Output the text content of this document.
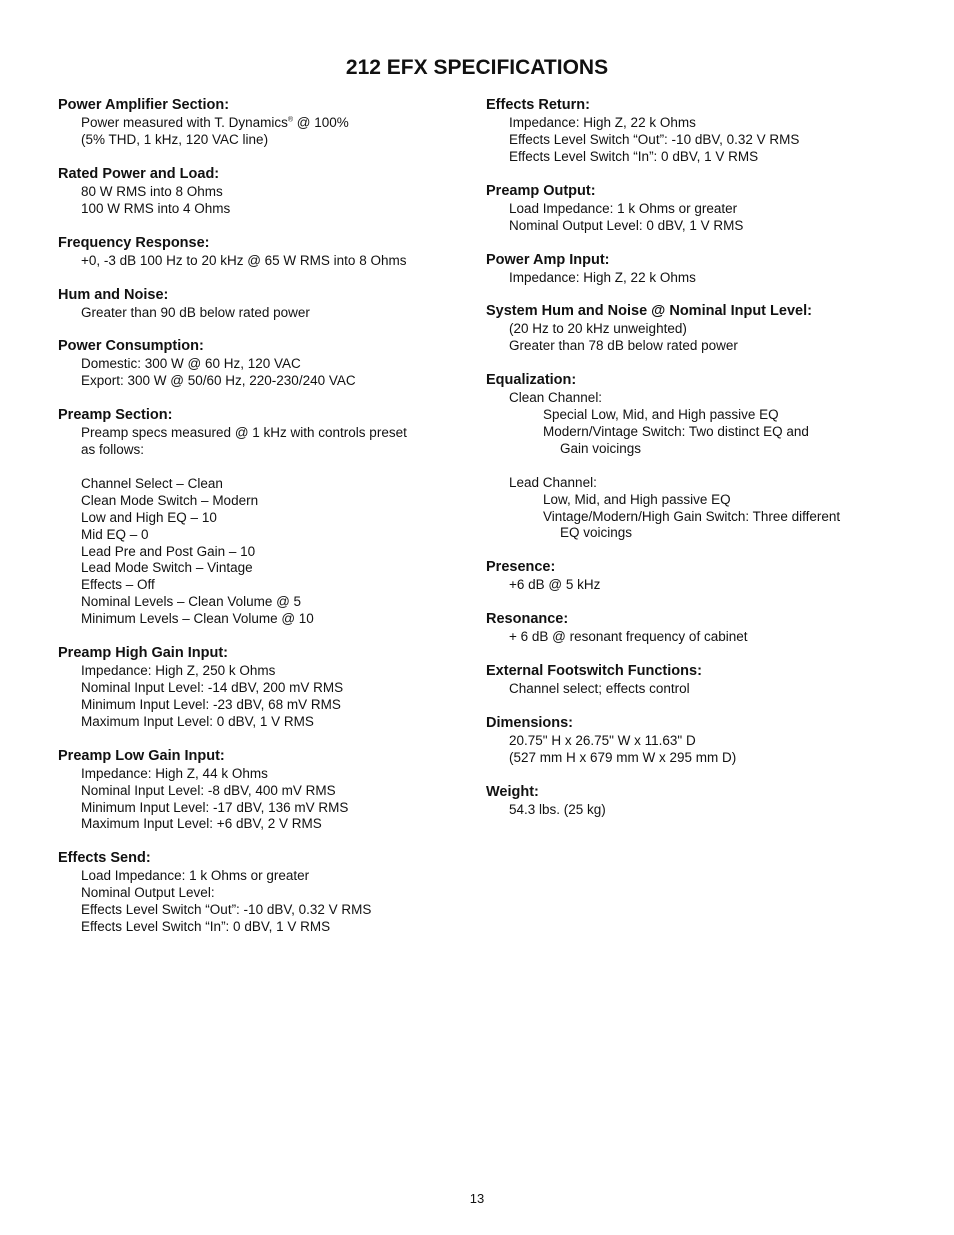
212 EFX SPECIFICATIONS
Power Amplifier Section:
Power measured with T. Dynamics® @ 100%
(5% THD, 1 kHz, 120 VAC line)
Rated Power and Load:
80 W RMS into 8 Ohms
100 W RMS into 4 Ohms
Frequency Response:
+0, -3 dB 100 Hz to 20 kHz @ 65 W RMS into 8 Ohms
Hum and Noise:
Greater than 90 dB below rated power
Power Consumption:
Domestic: 300 W @ 60 Hz, 120 VAC
Export: 300 W @ 50/60 Hz, 220-230/240 VAC
Preamp Section:
Preamp specs measured @ 1 kHz with controls preset
as follows:
Channel Select – Clean
Clean Mode Switch – Modern
Low and High EQ – 10
Mid EQ – 0
Lead Pre and Post Gain – 10
Lead Mode Switch – Vintage
Effects – Off
Nominal Levels – Clean Volume @ 5
Minimum Levels – Clean Volume @ 10
Preamp High Gain Input:
Impedance: High Z, 250 k Ohms
Nominal Input Level: -14 dBV, 200 mV RMS
Minimum Input Level: -23 dBV, 68 mV RMS
Maximum Input Level: 0 dBV, 1 V RMS
Preamp Low Gain Input:
Impedance: High Z, 44 k Ohms
Nominal Input Level: -8 dBV, 400 mV RMS
Minimum Input Level: -17 dBV, 136 mV RMS
Maximum Input Level: +6 dBV, 2 V RMS
Effects Send:
Load Impedance: 1 k Ohms or greater
Nominal Output Level:
Effects Level Switch “Out”: -10 dBV, 0.32 V RMS
Effects Level Switch “In”: 0 dBV, 1 V RMS
Effects Return:
Impedance: High Z, 22 k Ohms
Effects Level Switch “Out”: -10 dBV, 0.32 V RMS
Effects Level Switch “In”: 0 dBV, 1 V RMS
Preamp Output:
Load Impedance: 1 k Ohms or greater
Nominal Output Level: 0 dBV, 1 V RMS
Power Amp Input:
Impedance: High Z, 22 k Ohms
System Hum and Noise @ Nominal Input Level:
(20 Hz to 20 kHz unweighted)
Greater than 78 dB below rated power
Equalization:
Clean Channel:
Special Low, Mid, and High passive EQ
Modern/Vintage Switch: Two distinct EQ and
Gain voicings
Lead Channel:
Low, Mid, and High passive EQ
Vintage/Modern/High Gain Switch: Three different
EQ voicings
Presence:
+6 dB @ 5 kHz
Resonance:
+ 6 dB @ resonant frequency of cabinet
External Footswitch Functions:
Channel select; effects control
Dimensions:
20.75" H x 26.75" W x 11.63" D
(527 mm H x 679 mm W x 295 mm D)
Weight:
54.3 lbs. (25 kg)
13
